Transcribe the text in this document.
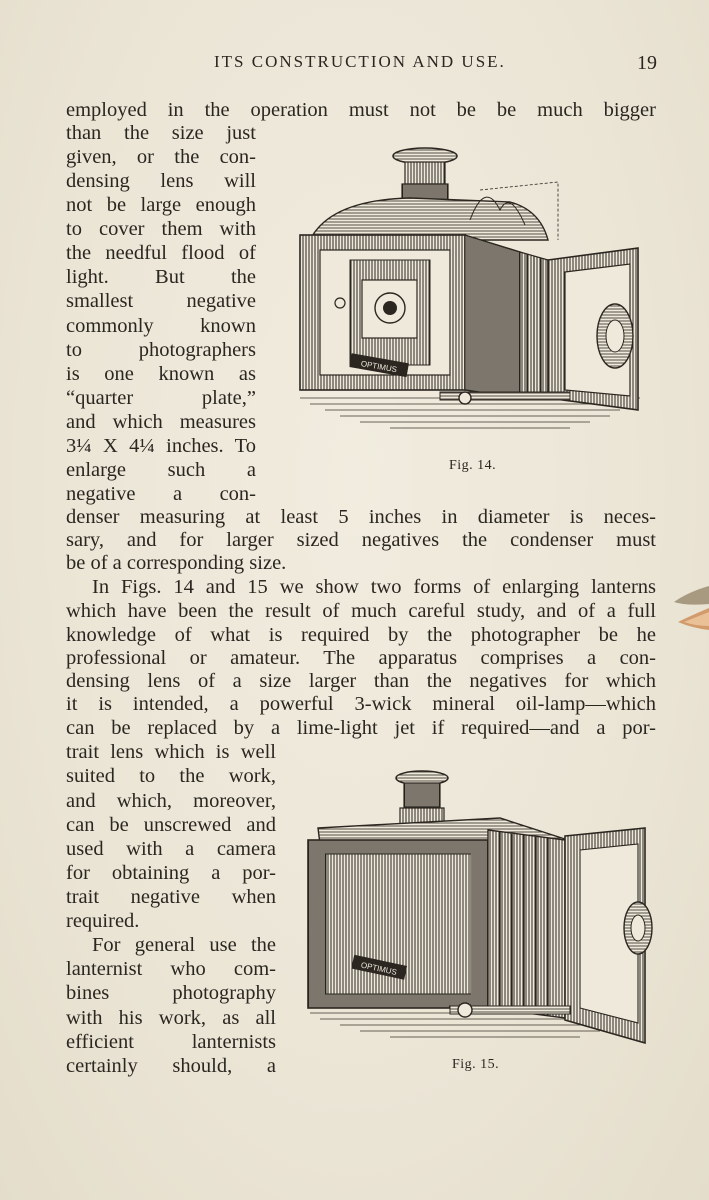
ITS CONSTRUCTION AND USE.	19
employed in the operation must not be be much bigger
than the size just
given, or the con-
densing lens will
not be large enough
to cover them with
the needful flood of
light. But the
smallest negative
commonly known
to photographers
is one known as
“quarter plate,”
and which measures
3¼ X 4¼ inches. To
enlarge such a
negative a con-
denser measuring at least 5 inches in diameter is neces-
sary, and for larger sized negatives the condenser must
be of a corresponding size.
In Figs. 14 and 15 we show two forms of enlarging lanterns
which have been the result of much careful study, and of a full
knowledge of what is required by the photographer be he
professional or amateur. The apparatus comprises a con-
densing lens of a size larger than the negatives for which
it is intended, a powerful 3-wick mineral oil-lamp—which
can be replaced by a lime-light jet if required—and a por-
trait lens which is well
suited to the work,
and which, moreover,
can be unscrewed and
used with a camera
for obtaining a por-
trait negative when
required.
For general use the
lanternist who com-
bines photography
with his work, as all
efficient lanternists
certainly should, a
OPTIMUS
Fig. 14.
OPTIMUS
Fig. 15.
